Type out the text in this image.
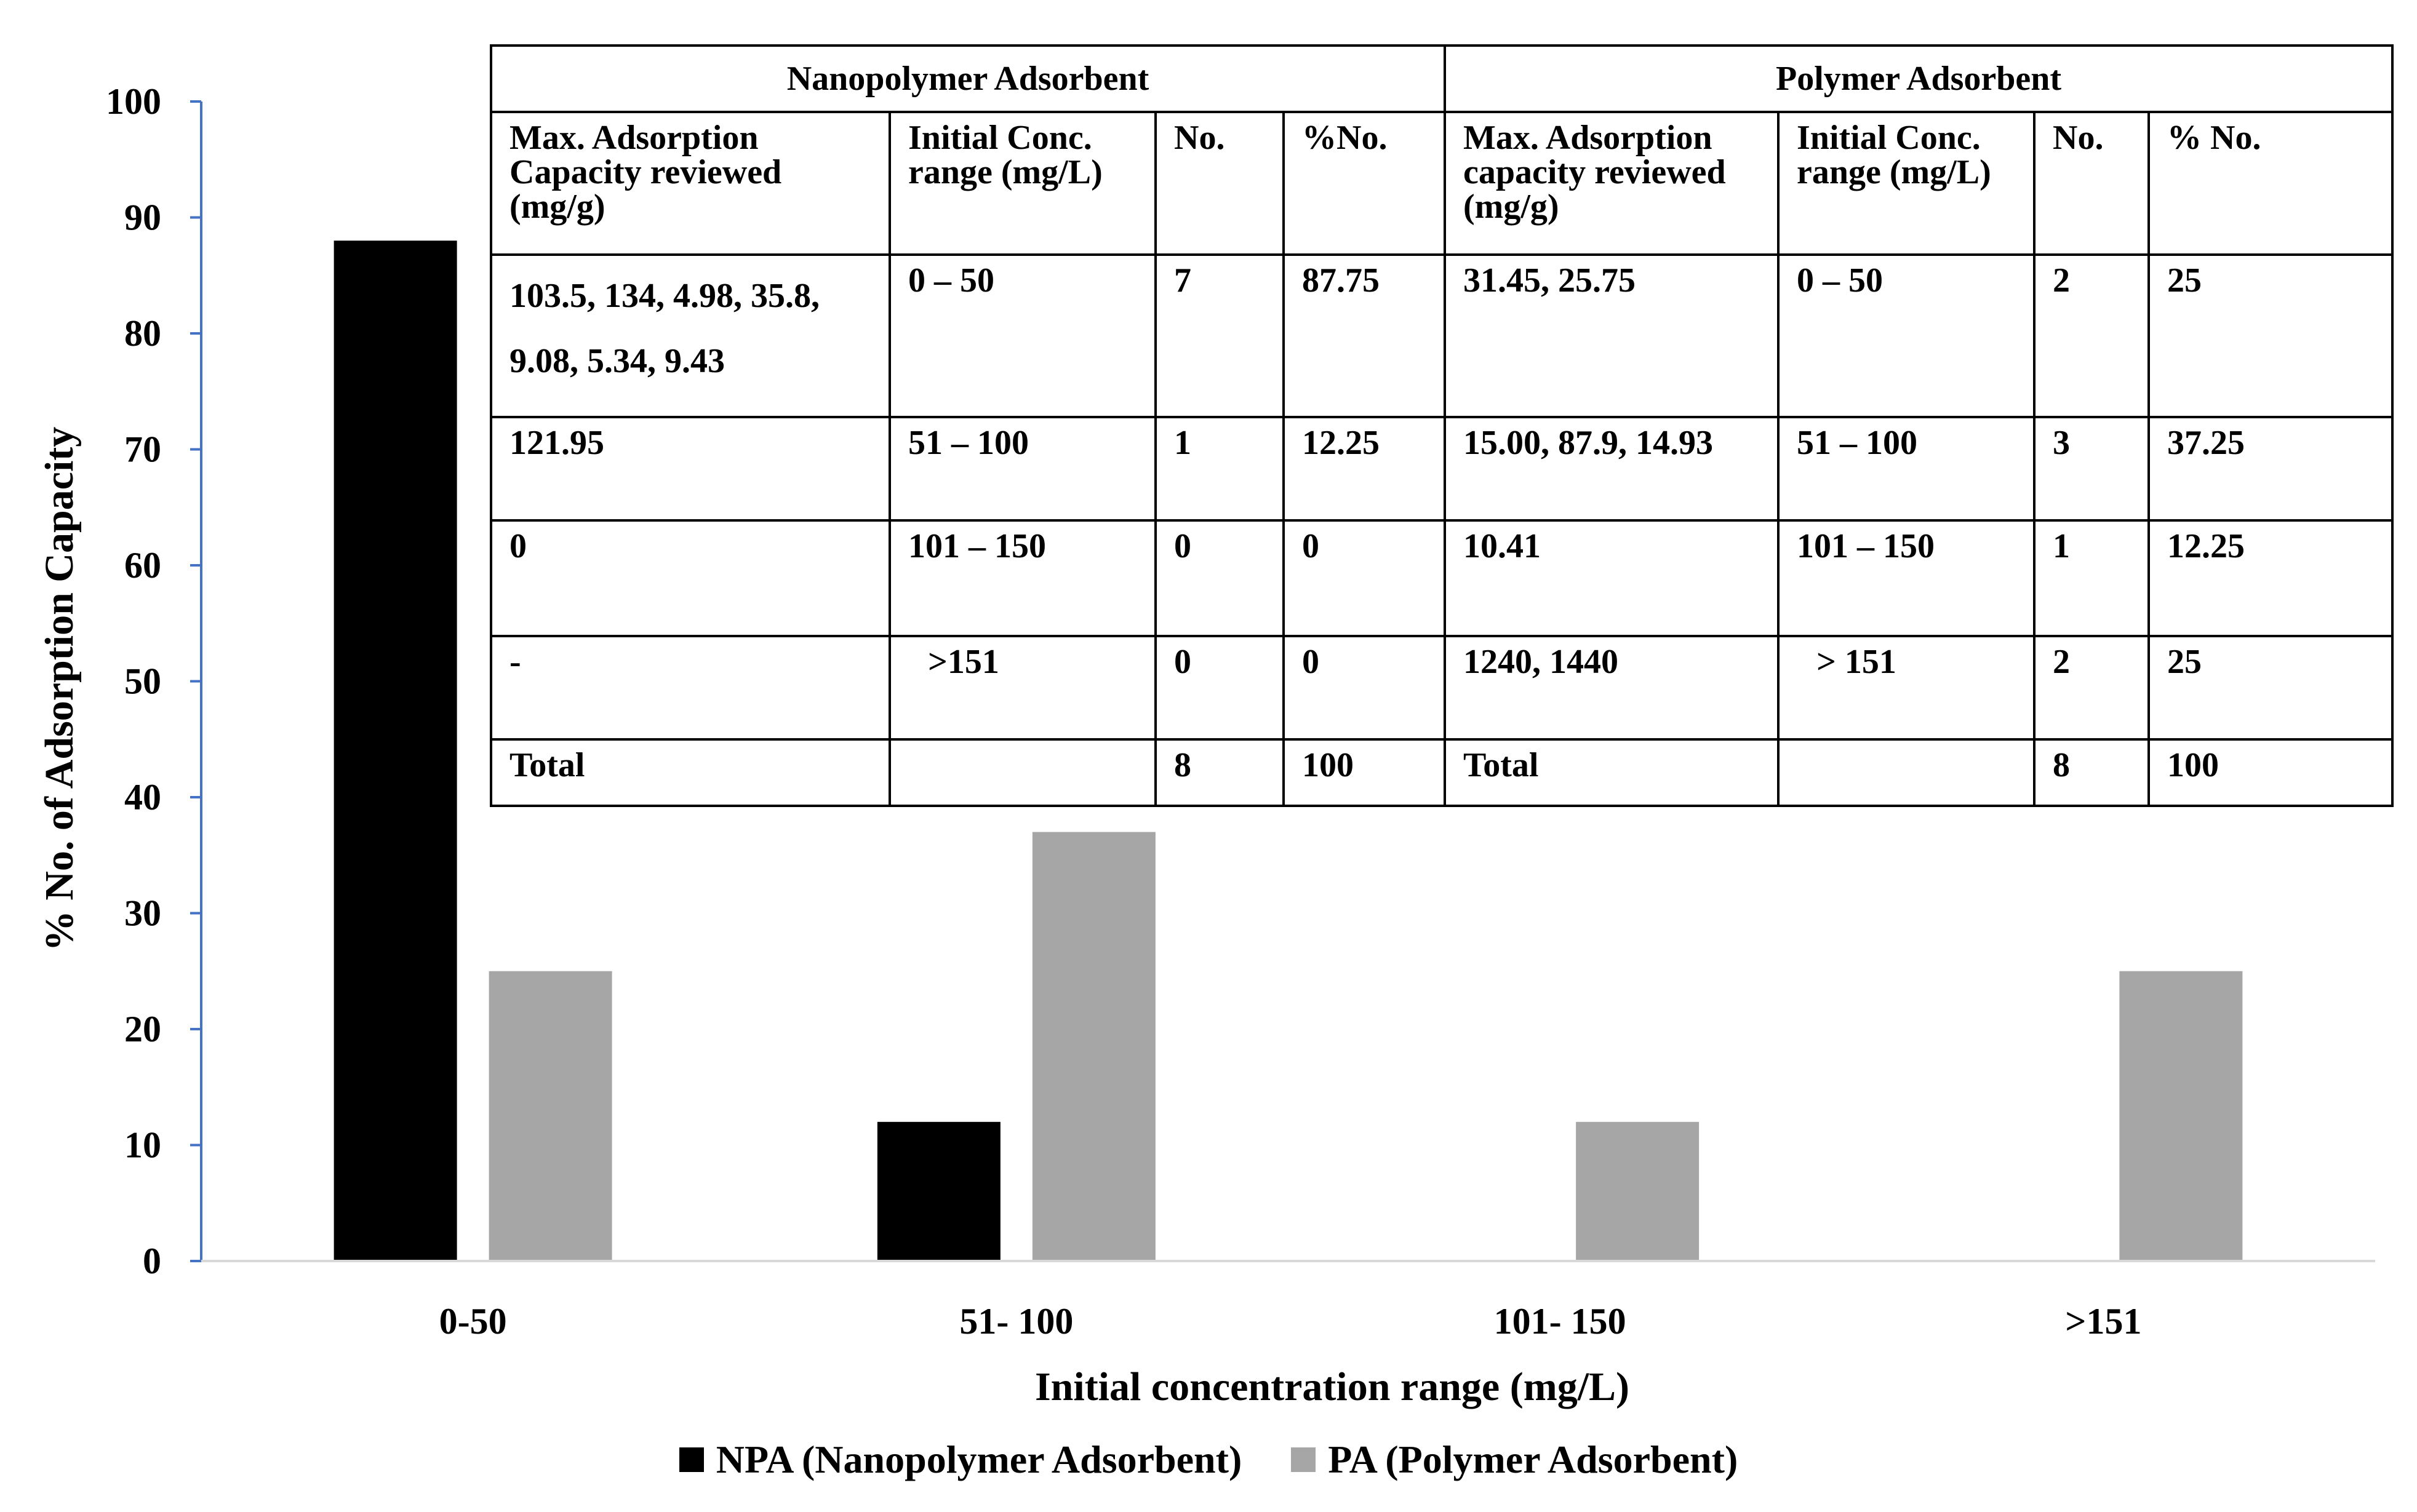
0
10
20
30
40
50
60
70
80
90
100
0-50	51- 100	101- 150	>151
% No. of Adsorption Capacity
Initial concentration range (mg/L)
Nanopolymer Adsorbent				Polymer Adsorbent			
Max. Adsorption Capacity reviewed (mg/g)	Initial Conc. range (mg/L)	No.	%No.	Max. Adsorption capacity reviewed (mg/g)	Initial Conc. range (mg/L)	No.	% No.
103.5, 134, 4.98, 35.8, 9.08, 5.34, 9.43	0 – 50	7	87.75	31.45, 25.75	0 – 50	2	25
121.95	51 – 100	1	12.25	15.00, 87.9, 14.93	51 – 100	3	37.25
0	101 – 150	0	0	10.41	101 – 150	1	12.25
-	>151	0	0	1240, 1440	> 151	2	25
Total		8	100	Total		8	100
NPA (Nanopolymer Adsorbent) PA (Polymer Adsorbent)
